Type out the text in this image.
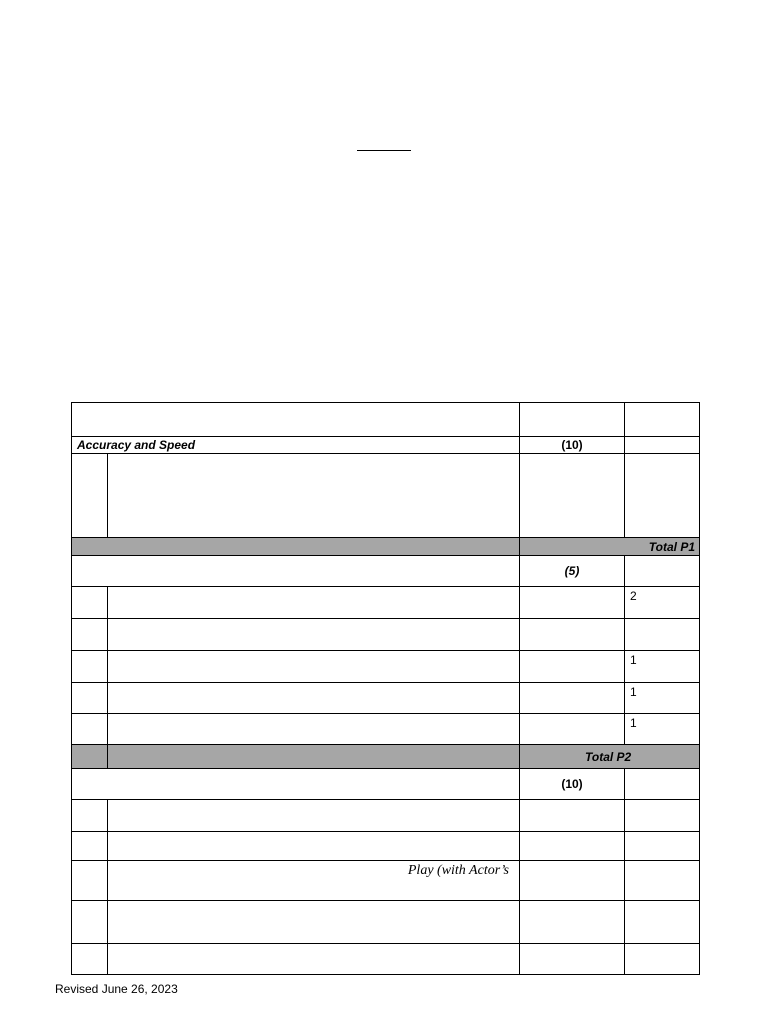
Accuracy and Speed		(10)	

		Total P1	
		(5)	
			2

			1
			1
			1
		Total P2	
		(10)	

	Play (with Actor’s		

Revised June 26, 2023
